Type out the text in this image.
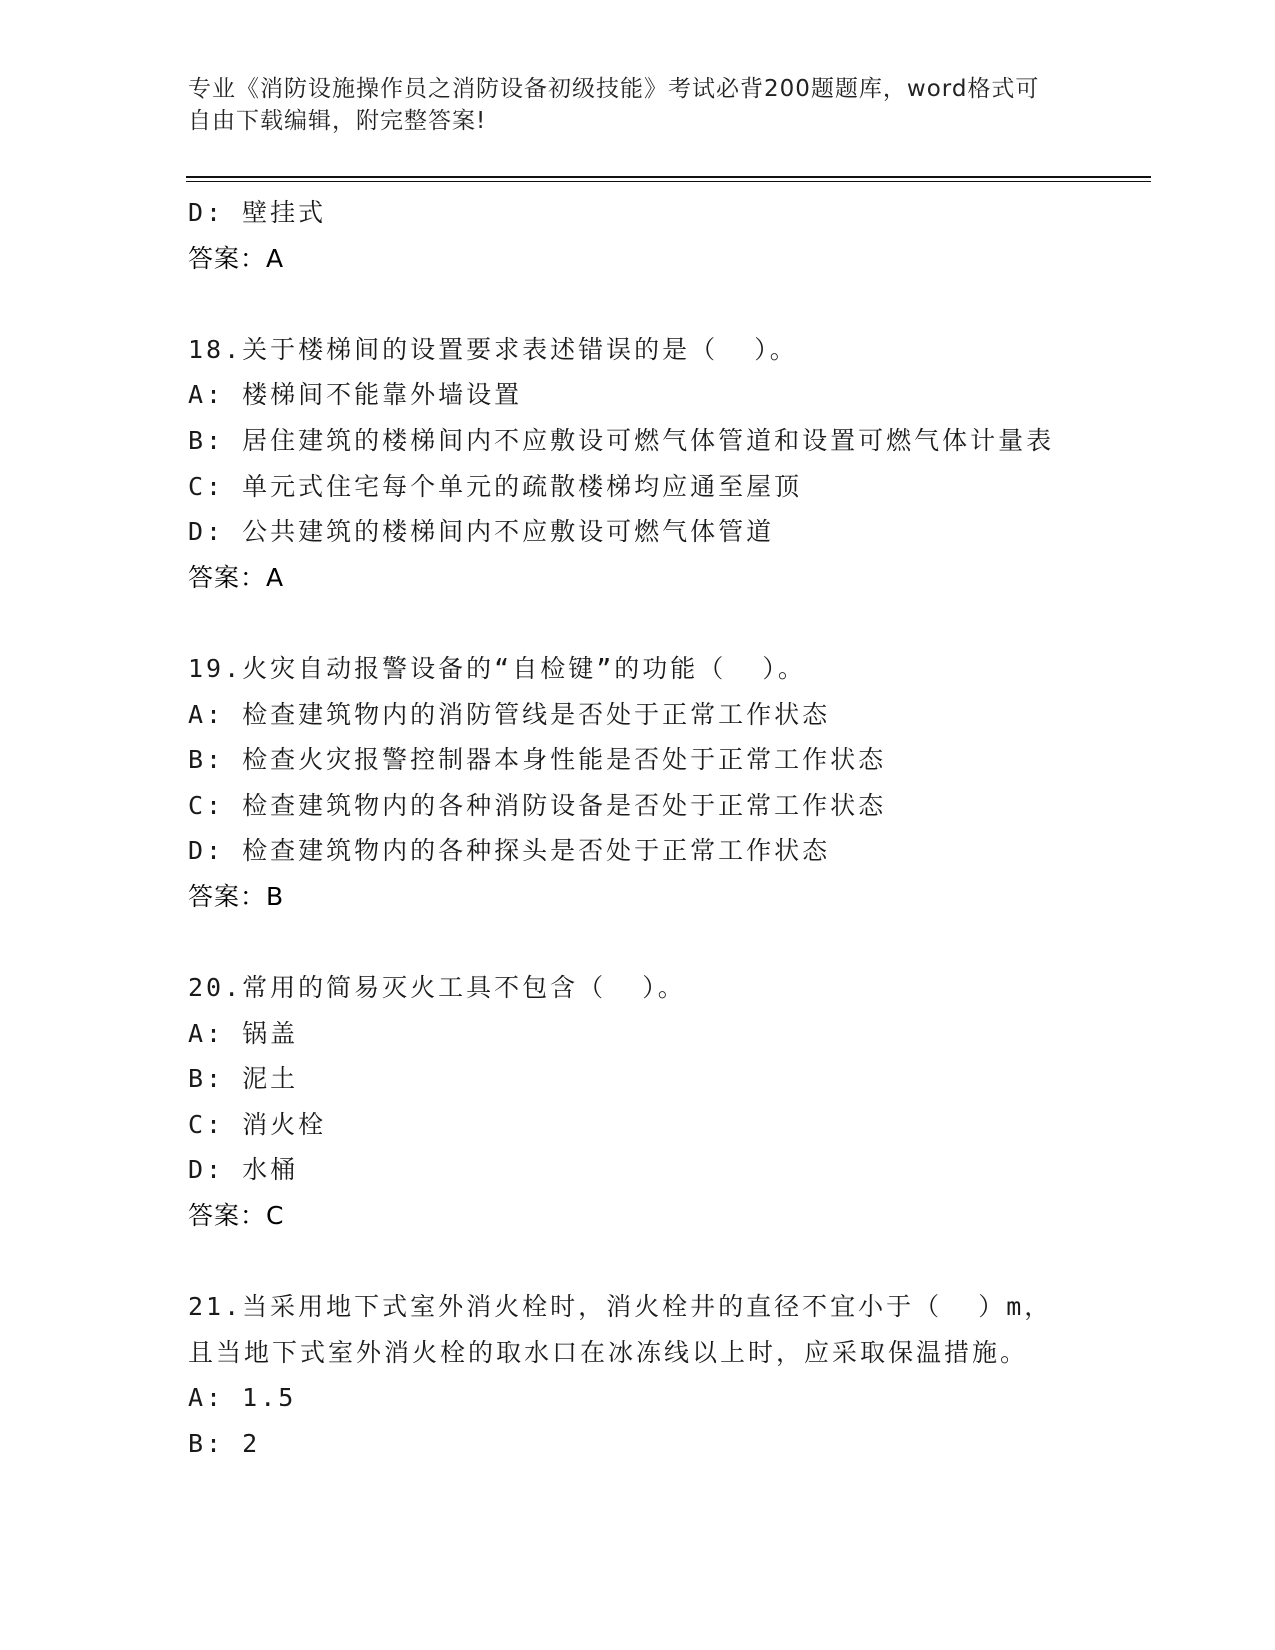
专业《消防设施操作员之消防设备初级技能》考试必背200题题库，word格式可
自由下载编辑，附完整答案!
D: 壁挂式
答案：A
18.关于楼梯间的设置要求表述错误的是（  ）。
A: 楼梯间不能靠外墙设置
B: 居住建筑的楼梯间内不应敷设可燃气体管道和设置可燃气体计量表
C: 单元式住宅每个单元的疏散楼梯均应通至屋顶
D: 公共建筑的楼梯间内不应敷设可燃气体管道
答案：A
19.火灾自动报警设备的“自检键”的功能（  ）。
A: 检查建筑物内的消防管线是否处于正常工作状态
B: 检查火灾报警控制器本身性能是否处于正常工作状态
C: 检查建筑物内的各种消防设备是否处于正常工作状态
D: 检查建筑物内的各种探头是否处于正常工作状态
答案：B
20.常用的简易灭火工具不包含（  ）。
A: 锅盖
B: 泥土
C: 消火栓
D: 水桶
答案：C
21.当采用地下式室外消火栓时，消火栓井的直径不宜小于（  ）m，
且当地下式室外消火栓的取水口在冰冻线以上时，应采取保温措施。
A: 1.5
B: 2
